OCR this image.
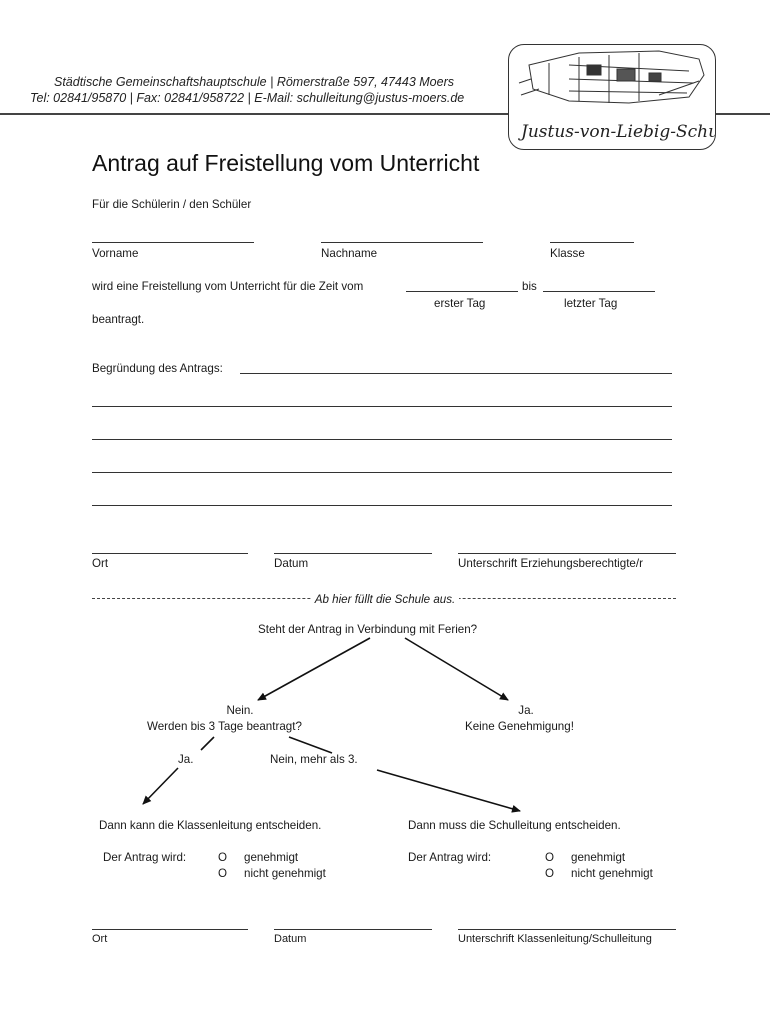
Städtische Gemeinschaftshauptschule | Römerstraße 597, 47443 Moers
Tel: 02841/95870 | Fax: 02841/958722 | E-Mail: schulleitung@justus-moers.de
Justus-von-Liebig-Schule
Antrag auf Freistellung vom Unterricht
Für die Schülerin / den Schüler
Vorname	Nachname	Klasse
wird eine Freistellung vom Unterricht für die Zeit vom	bis
erster Tag	letzter Tag
beantragt.
Begründung des Antrags:
Ort	Datum	Unterschrift Erziehungsberechtigte/r
Ab hier füllt die Schule aus.
Steht der Antrag in Verbindung mit Ferien?
Nein.
Werden bis 3 Tage beantragt?
Ja.
Keine Genehmigung!
Ja.	Nein, mehr als 3.
Dann kann die Klassenleitung entscheiden.	Dann muss die Schulleitung entscheiden.
Der Antrag wird:	O genehmigt
O nicht genehmigt
Der Antrag wird:	O genehmigt
O nicht genehmigt
Ort	Datum	Unterschrift Klassenleitung/Schulleitung
